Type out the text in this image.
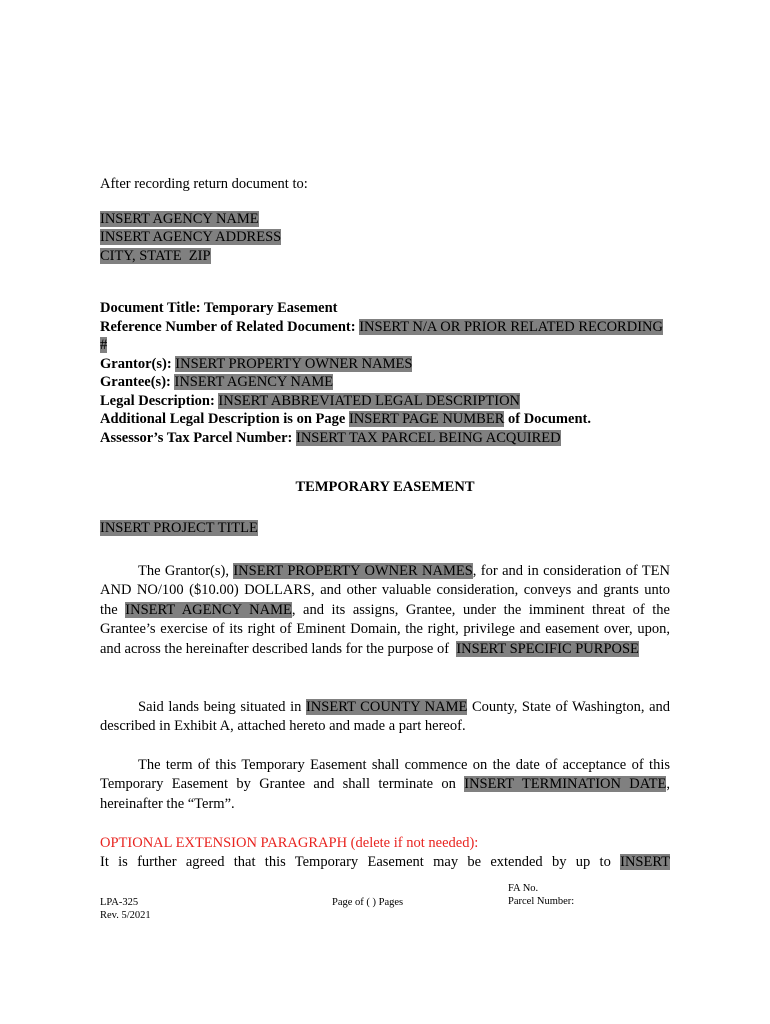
After recording return document to:
INSERT AGENCY NAME
INSERT AGENCY ADDRESS
CITY, STATE  ZIP
Document Title: Temporary Easement
Reference Number of Related Document: INSERT N/A OR PRIOR RELATED RECORDING #
Grantor(s): INSERT PROPERTY OWNER NAMES
Grantee(s): INSERT AGENCY NAME
Legal Description: INSERT ABBREVIATED LEGAL DESCRIPTION
Additional Legal Description is on Page INSERT PAGE NUMBER of Document.
Assessor’s Tax Parcel Number: INSERT TAX PARCEL BEING ACQUIRED
TEMPORARY EASEMENT
INSERT PROJECT TITLE
The Grantor(s), INSERT PROPERTY OWNER NAMES, for and in consideration of TEN AND NO/100 ($10.00) DOLLARS, and other valuable consideration, conveys and grants unto the INSERT AGENCY NAME, and its assigns, Grantee, under the imminent threat of the Grantee’s exercise of its right of Eminent Domain, the right, privilege and easement over, upon, and across the hereinafter described lands for the purpose of  INSERT SPECIFIC PURPOSE
Said lands being situated in INSERT COUNTY NAME County, State of Washington, and described in Exhibit A, attached hereto and made a part hereof.
The term of this Temporary Easement shall commence on the date of acceptance of this Temporary Easement by Grantee and shall terminate on INSERT TERMINATION DATE, hereinafter the “Term”.
OPTIONAL EXTENSION PARAGRAPH (delete if not needed):
It is further agreed that this Temporary Easement may be extended by up to INSERT
LPA-325
Rev. 5/2021
Page of ( ) Pages
FA No.
Parcel Number:
